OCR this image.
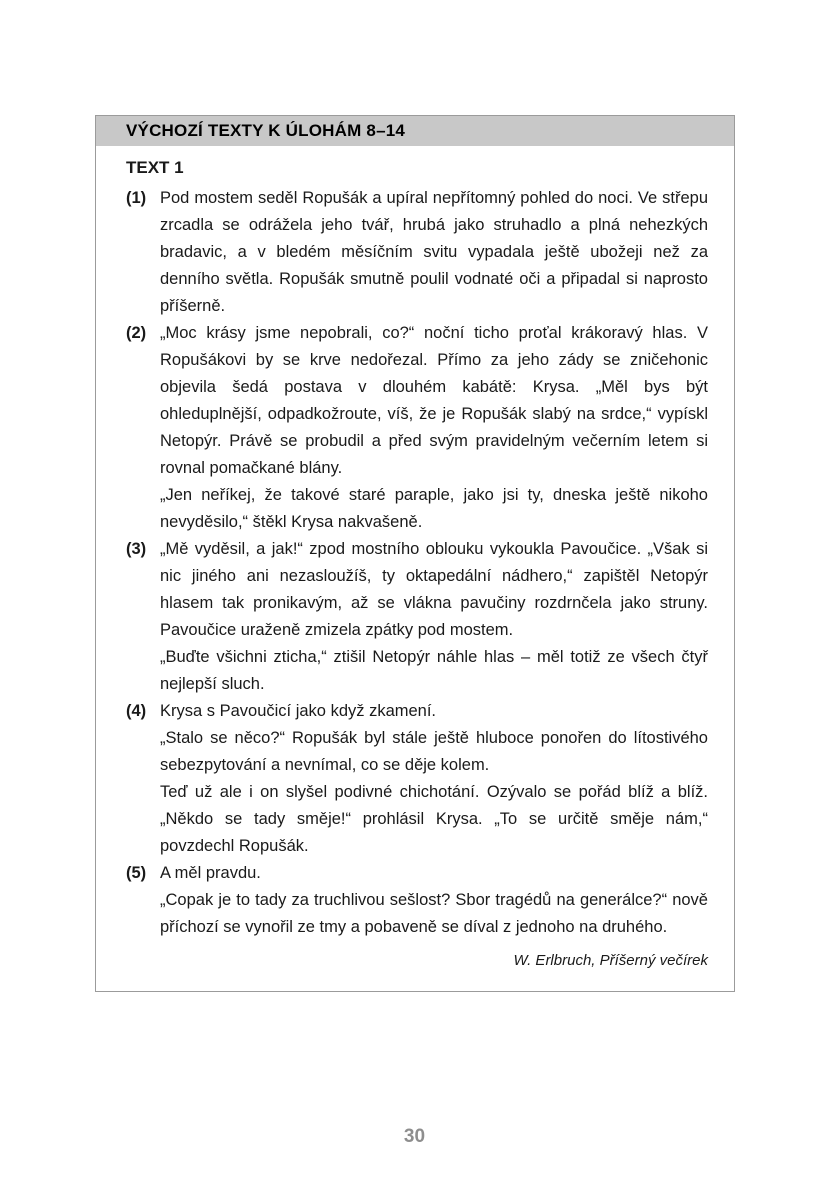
VÝCHOZÍ TEXTY K ÚLOHÁM 8–14
TEXT 1
(1) Pod mostem seděl Ropušák a upíral nepřítomný pohled do noci. Ve střepu zrcadla se odrážela jeho tvář, hrubá jako struhadlo a plná nehezkých bradavic, a v bledém měsíčním svitu vypadala ještě ubožeji než za denního světla. Ropušák smutně poulil vodnaté oči a připadal si naprosto příšerně.

(2) „Moc krásy jsme nepobrali, co?“ noční ticho proťal krákoravý hlas. V Ropušákovi by se krve nedořezal. Přímo za jeho zády se zničehonic objevila šedá postava v dlouhém kabátě: Krysa. „Měl bys být ohleduplnější, odpadkožroute, víš, že je Ropušák slabý na srdce,“ vypískl Netopýr. Právě se probudil a před svým pravidelným večerním letem si rovnal pomačkané blány.

„Jen neříkej, že takové staré paraple, jako jsi ty, dneska ještě nikoho nevyděsilo,“ štěkl Krysa nakvašeně.

(3) „Mě vyděsil, a jak!“ zpod mostního oblouku vykoukla Pavoučice. „Však si nic jiného ani nezasloužíš, ty oktapedální nádhero,“ zapištěl Netopýr hlasem tak pronikavým, až se vlákna pavučiny rozdrnčela jako struny. Pavoučice uraženě zmizela zpátky pod mostem.

„Buďte všichni zticha,“ ztišil Netopýr náhle hlas – měl totiž ze všech čtyř nejlepší sluch.

(4) Krysa s Pavoučicí jako když zkamení.

„Stalo se něco?“ Ropušák byl stále ještě hluboce ponořen do lítostivého sebezpytování a nevnímal, co se děje kolem.

Teď už ale i on slyšel podivné chichotání. Ozývalo se pořád blíž a blíž. „Někdo se tady směje!“ prohlásil Krysa. „To se určitě směje nám,“ povzdechl Ropušák.

(5) A měl pravdu.

„Copak je to tady za truchlivou sešlost? Sbor tragédů na generálce?“ nově příchozí se vynořil ze tmy a pobaveně se díval z jednoho na druhého.

W. Erlbruch, Příšerný večírek
30
